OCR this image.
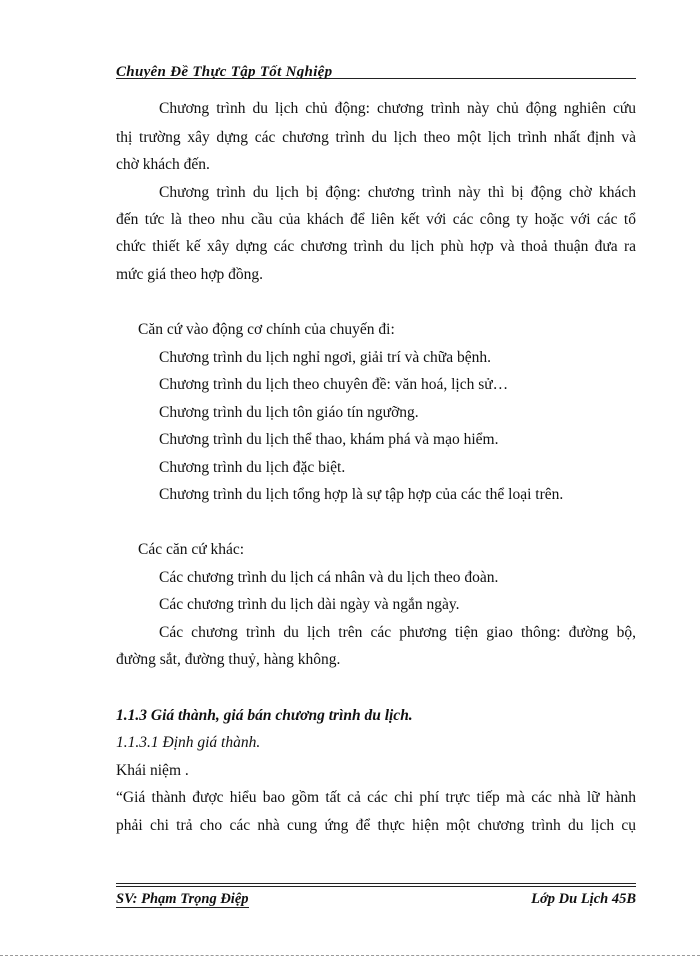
Chuyên Đề Thực Tập Tốt Nghiệp
Chương trình du lịch chủ động: chương trình này chủ động nghiên cứu
thị trường xây dựng các chương trình du lịch theo một lịch trình nhất định và
chờ khách đến.
Chương trình du lịch bị động: chương trình này thì bị động chờ khách
đến tức là theo nhu cầu của khách để liên kết với các công ty hoặc với các tổ
chức thiết kế xây dựng các chương trình du lịch phù hợp và thoả thuận đưa ra
mức giá theo hợp đồng.
Căn cứ vào động cơ chính của chuyến đi:
Chương trình du lịch nghỉ ngơi, giải trí và chữa bệnh.
Chương trình du lịch theo chuyên đề: văn hoá, lịch sử…
Chương trình du lịch tôn giáo tín ngưỡng.
Chương trình du lịch thể thao, khám phá và mạo hiểm.
Chương trình du lịch đặc biệt.
Chương trình du lịch tổng hợp là sự tập hợp của các thể loại trên.
Các căn cứ khác:
Các chương trình du lịch cá nhân và du lịch theo đoàn.
Các chương trình du lịch dài ngày và ngắn ngày.
Các chương trình du lịch trên các phương tiện giao thông: đường bộ,
đường sắt, đường thuỷ, hàng không.
1.1.3 Giá thành, giá bán chương trình du lịch.
1.1.3.1 Định giá thành.
Khái niệm .
“Giá thành được hiểu bao gồm tất cả các chi phí trực tiếp mà các nhà lữ hành
phải chi trả cho các nhà cung ứng để thực hiện một chương trình du lịch cụ
SV: Phạm Trọng Điệp	Lớp Du Lịch 45B
